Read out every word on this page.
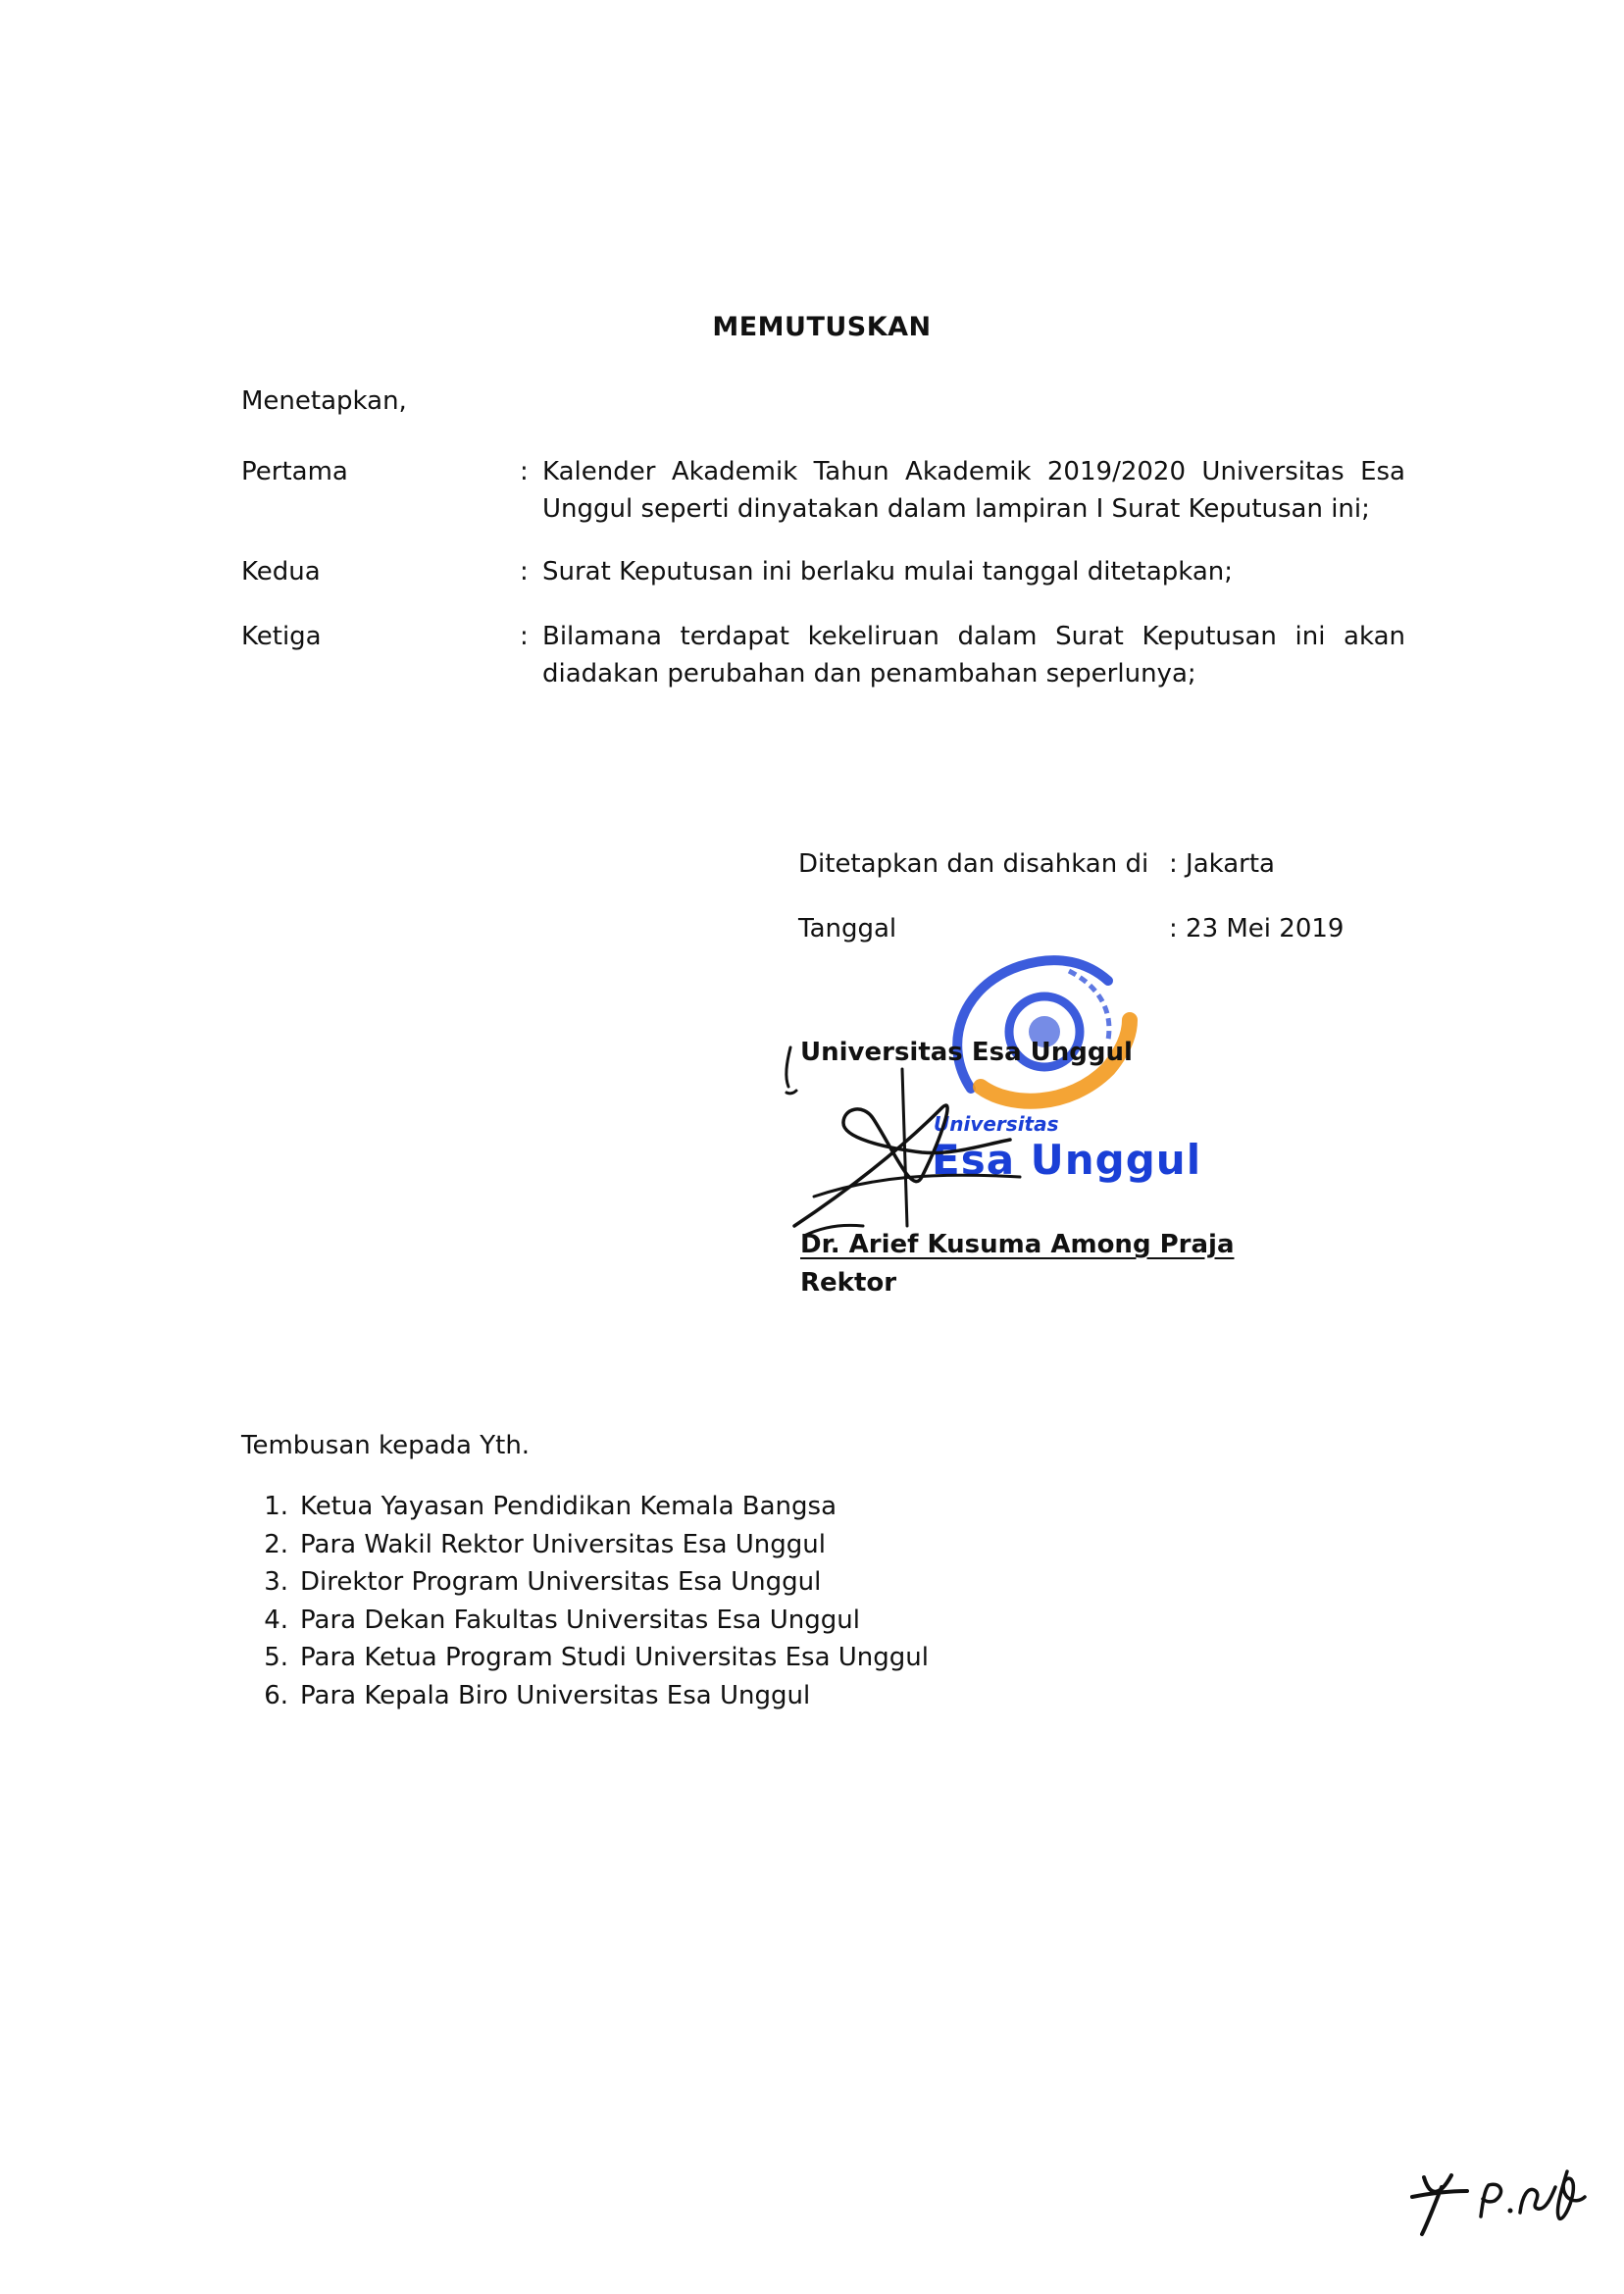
MEMUTUSKAN
Menetapkan,
Pertama	: Kalender Akademik Tahun Akademik 2019/2020 Universitas Esa Unggul seperti dinyatakan dalam lampiran I Surat Keputusan ini;
Kedua	: Surat Keputusan ini berlaku mulai tanggal ditetapkan;
Ketiga	: Bilamana terdapat kekeliruan dalam Surat Keputusan ini akan diadakan perubahan dan penambahan seperlunya;
Ditetapkan dan disahkan di : Jakarta
Tanggal	: 23 Mei 2019
Universitas Esa Unggul
Universitas
Esa Unggul
Dr. Arief Kusuma Among Praja
Rektor
Tembusan kepada Yth.
1. Ketua Yayasan Pendidikan Kemala Bangsa
2. Para Wakil Rektor Universitas Esa Unggul
3. Direktor Program Universitas Esa Unggul
4. Para Dekan Fakultas Universitas Esa Unggul
5. Para Ketua Program Studi Universitas Esa Unggul
6. Para Kepala Biro Universitas Esa Unggul
